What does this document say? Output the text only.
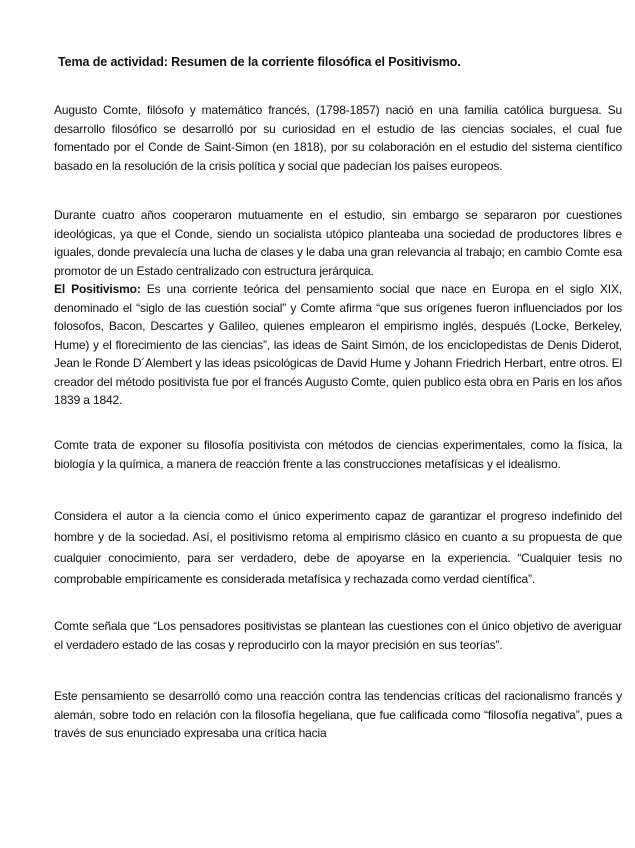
Tema de actividad: Resumen de la corriente filosófica el Positivismo.

Augusto Comte, filósofo y matemático francés, (1798-1857) nació en una familia católica burguesa. Su desarrollo filosófico se desarrolló por su curiosidad en el estudio de las ciencias sociales, el cual fue fomentado por el Conde de Saint-Simon (en 1818), por su colaboración en el estudio del sistema científico basado en la resolución de la crisis política y social que padecían los países europeos.

Durante cuatro años cooperaron mutuamente en el estudio, sin embargo se separaron por cuestiones ideológicas, ya que el Conde, siendo un socialista utópico planteaba una sociedad de productores libres e iguales, donde prevalecía una lucha de clases y le daba una gran relevancia al trabajo; en cambio Comte esa promotor de un Estado centralizado con estructura jerárquica.
El Positivismo: Es una corriente teórica del pensamiento social que nace en Europa en el siglo XIX, denominado el “siglo de las cuestión social” y Comte afirma “que sus orígenes fueron influenciados por los folosofos, Bacon, Descartes y Galileo, quienes emplearon el empirismo inglés, después (Locke, Berkeley, Hume) y el florecimiento de las ciencias”, las ideas de Saint Simón, de los enciclopedistas de Denis Diderot, Jean le Ronde D´Alembert y las ideas psicológicas de David Hume y Johann Friedrich Herbart, entre otros. El creador del método positivista fue por el francés Augusto Comte, quien publico esta obra en Paris en los años 1839 a 1842.

Comte trata de exponer su filosofía positivista con métodos de ciencias experimentales, como la física, la biología y la química, a manera de reacción frente a las construcciones metafísicas y el idealismo.

Considera el autor a la ciencia como el único experimento capaz de garantizar el progreso indefinido del hombre y de la sociedad. Así, el positivismo retoma al empirismo clásico en cuanto a su propuesta de que cualquier conocimiento, para ser verdadero, debe de apoyarse en la experiencia. “Cualquier tesis no comprobable empíricamente es considerada metafísica y rechazada como verdad científica”.

Comte señala que “Los pensadores positivistas se plantean las cuestiones con el único objetivo de averiguar el verdadero estado de las cosas y reproducirlo con la mayor precisión en sus teorías”.

Este pensamiento se desarrolló como una reacción contra las tendencias críticas del racionalismo francés y alemán, sobre todo en relación con la filosofía hegeliana, que fue calificada como “filosofía negativa”, pues a través de sus enunciado expresaba una crítica hacia
